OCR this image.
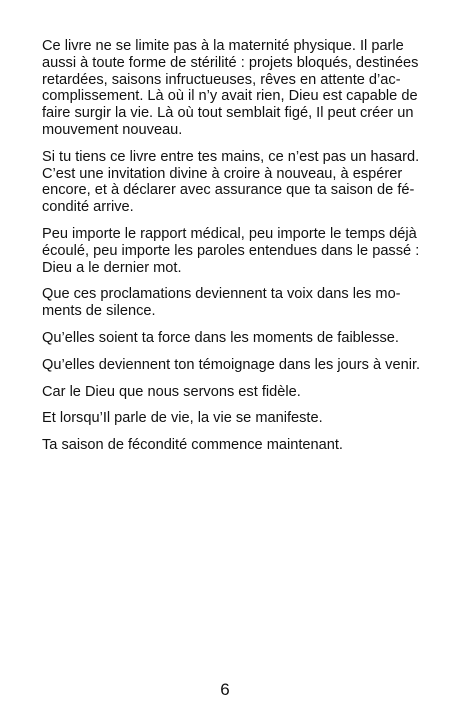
Ce livre ne se limite pas à la maternité physique. Il parle
aussi à toute forme de stérilité : projets bloqués, destinées
retardées, saisons infructueuses, rêves en attente d’ac-
complissement. Là où il n’y avait rien, Dieu est capable de
faire surgir la vie. Là où tout semblait figé, Il peut créer un
mouvement nouveau.

Si tu tiens ce livre entre tes mains, ce n’est pas un hasard.
C’est une invitation divine à croire à nouveau, à espérer
encore, et à déclarer avec assurance que ta saison de fé-
condité arrive.

Peu importe le rapport médical, peu importe le temps déjà
écoulé, peu importe les paroles entendues dans le passé :
Dieu a le dernier mot.

Que ces proclamations deviennent ta voix dans les mo-
ments de silence.

Qu’elles soient ta force dans les moments de faiblesse.

Qu’elles deviennent ton témoignage dans les jours à venir.

Car le Dieu que nous servons est fidèle.

Et lorsqu’Il parle de vie, la vie se manifeste.

Ta saison de fécondité commence maintenant.

6
